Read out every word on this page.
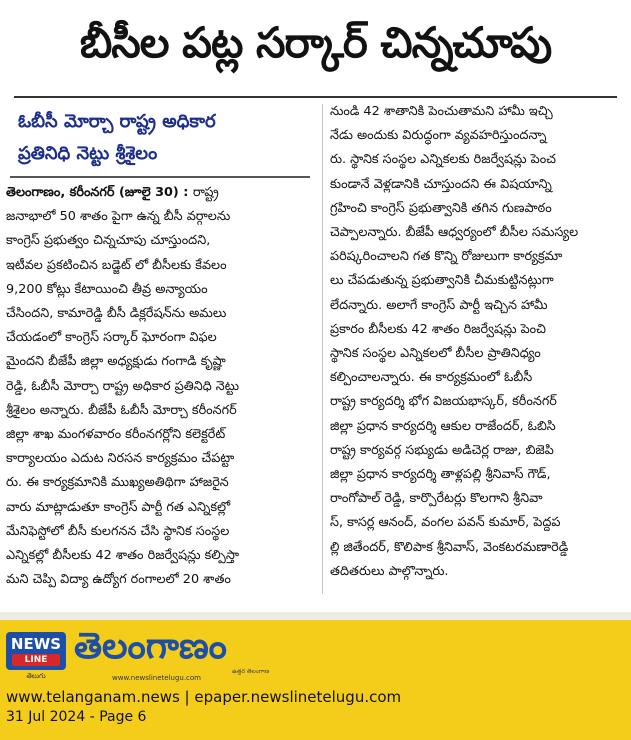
బీసీల పట్ల సర్కార్ చిన్నచూపు
ఓబీసీ మోర్చా రాష్ట్ర అధికార
ప్రతినిధి నెట్టు శ్రీశైలం
తెలంగాణం, కరీంనగర్ (జూలై 30) : రాష్ట్ర
జనాభాలో 50 శాతం పైగా ఉన్న బీసీ వర్గాలను
కాంగ్రెస్ ప్రభుత్వం చిన్నచూపు చూస్తుందని,
ఇటీవల ప్రకటించిన బడ్జెట్ లో బీసీలకు కేవలం
9,200 కోట్లు కేటాయించి తీవ్ర అన్యాయం
చేసిందని, కామారెడ్డి బీసీ డిక్లరేషన్‌ను అమలు
చేయడంలో కాంగ్రెస్ సర్కార్ ఘోరంగా విఫల
మైందని బీజేపీ జిల్లా అధ్యక్షుడు గంగాడి కృష్ణా
రెడ్డి, ఓబీసీ మోర్చా రాష్ట్ర అధికార ప్రతినిధి నెట్టు
శ్రీశైలం అన్నారు. బీజేపీ ఓబీసీ మోర్చా కరీంనగర్
జిల్లా శాఖ మంగళవారం కరీంనగర్లోని కలెక్టరేట్
కార్యాలయం ఎదుట నిరసన కార్యక్రమం చేపట్టా
రు. ఈ కార్యక్రమానికి ముఖ్యఅతిథిగా హాజరైన
వారు మాట్లాడుతూ కాంగ్రెస్ పార్టీ గత ఎన్నికల్లో
మేనిఫెస్టోలో బీసీ కులగనన చేసి స్థానిక సంస్థల
ఎన్నికల్లో బీసీలకు 42 శాతం రిజర్వేషన్లు కల్పిస్తా
మని చెప్పి విద్యా ఉద్యోగ రంగాలలో 20 శాతం
నుండి 42 శాతానికి పెంచుతామని హామీ ఇచ్చి
నేడు అందుకు విరుద్ధంగా వ్యవహరిస్తుందన్నా
రు. స్థానిక సంస్థల ఎన్నికలకు రిజర్వేషన్లు పెంచ
కుండానే వెళ్లడానికి చూస్తుందని ఈ విషయాన్ని
గ్రహించి కాంగ్రెస్ ప్రభుత్వానికి తగిన గుణపాఠం
చెప్పాలన్నారు. బీజేపీ ఆధ్వర్యంలో బీసీల సమస్యల
పరిష్కరించాలని గత కొన్ని రోజులుగా కార్యక్రమా
లు చేపడుతున్న ప్రభుత్వానికి చీమకుట్టినట్లుగా
లేదన్నారు. అలాగే కాంగ్రెస్ పార్టీ ఇచ్చిన హామీ
ప్రకారం బీసీలకు 42 శాతం రిజర్వేషన్లు పెంచి
స్థానిక సంస్థల ఎన్నికలలో బీసీల ప్రాతినిధ్యం
కల్పించాలన్నారు. ఈ కార్యక్రమంలో ఓబీసీ
రాష్ట్ర కార్యదర్శి భోగ విజయభాస్కర్, కరీంనగర్
జిల్లా ప్రధాన కార్యదర్శి ఆకుల రాజేందర్, ఓబిసి
రాష్ట్ర కార్యవర్గ సభ్యుడు అడిచెర్ల రాజు, బిజెపి
జిల్లా ప్రధాన కార్యదర్శి తాళ్లపల్లి శ్రీనివాస్ గౌడ్,
రాంగోపాల్ రెడ్డి, కార్పొరేటర్లు కొలగాని శ్రీనివా
స్, కాసర్ల ఆనంద్, వంగల పవన్ కుమార్, పెద్దప
ల్లి జితేందర్, కొలిపాక శ్రీనివాస్, వెంకటరమణారెడ్డి
తదితరులు పాల్గొన్నారు.
NEWS
LINE
తెలుగు
తెలంగాణం
ఉత్తర తెలంగాణ
www.newslinetelugu.com
www.telanganam.news | epaper.newslinetelugu.com
31 Jul 2024 - Page 6
